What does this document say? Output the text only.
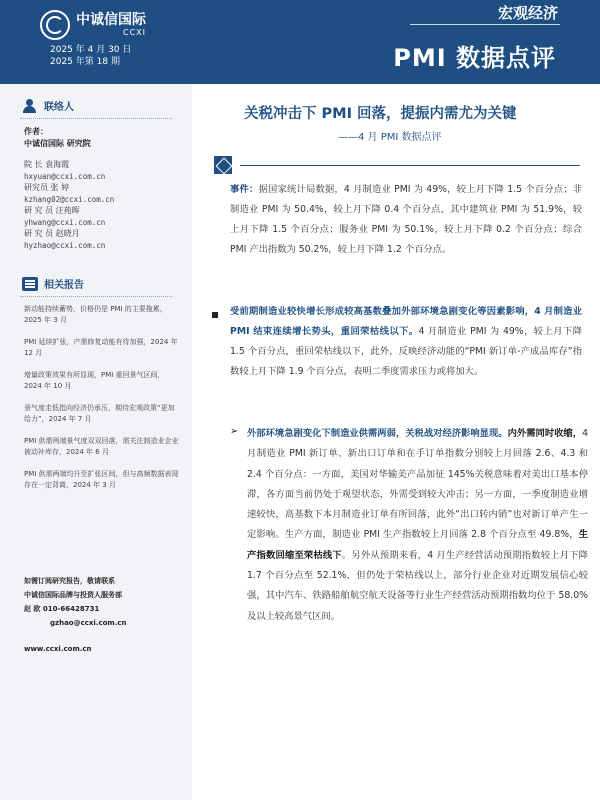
中诚信国际
CCXI
2025 年 4 月 30 日
2025 年第 18 期
宏观经济
PMI 数据点评
联络人
作者：
中诚信国际 研究院
院 长 袁海霞
hxyuan@ccxi.com.cn
研究员 张 婷
kzhang02@ccxi.com.cn
研 究 员 汪苑晖
yhwang@ccxi.com.cn
研 究 员 赵晓月
hyzhao@ccxi.com.cn
相关报告
新动能持续蓄势，价格仍是 PMI 的主要拖累，2025 年 3 月
PMI 延续扩张，产需修复动能有待加强，2024 年 12 月
增量政策效果有所显现，PMI 重回景气区间，2024 年 10 月
景气度走低指向经济仍承压，期待宏观政策“更加给力”，2024 年 7 月
PMI 供需两端景气度双双回落，需关注制造业企业被动补库存，2024 年 6 月
PMI 供需两端均升至扩张区间，但与高频数据表现存在一定背离，2024 年 3 月
如需订阅研究报告，敬请联系
中诚信国际品牌与投资人服务部
赵 欧 010-66428731
gzhao@ccxi.com.cn
www.ccxi.com.cn
关税冲击下 PMI 回落，提振内需尤为关键
——4 月 PMI 数据点评
事件：据国家统计局数据，4 月制造业 PMI 为 49%，较上月下降 1.5 个百分点；非制造业 PMI 为 50.4%，较上月下降 0.4 个百分点，其中建筑业 PMI 为 51.9%，较上月下降 1.5 个百分点；服务业 PMI 为 50.1%，较上月下降 0.2 个百分点；综合 PMI 产出指数为 50.2%，较上月下降 1.2 个百分点。
受前期制造业较快增长形成较高基数叠加外部环境急剧变化等因素影响，4 月制造业 PMI 结束连续增长势头，重回荣枯线以下。4 月制造业 PMI 为 49%，较上月下降 1.5 个百分点，重回荣枯线以下，此外，反映经济动能的“PMI 新订单-产成品库存”指数较上月下降 1.9 个百分点，表明二季度需求压力或将加大。
➢ 外部环境急剧变化下制造业供需两弱，关税战对经济影响显现。内外需同时收缩，4 月制造业 PMI 新订单、新出口订单和在手订单指数分别较上月回落 2.6、4.3 和 2.4 个百分点：一方面，美国对华输美产品加征 145%关税意味着对美出口基本停滞，各方面当前仍处于观望状态，外需受到较大冲击；另一方面，一季度制造业增速较快，高基数下本月制造业订单有所回落，此外“出口转内销”也对新订单产生一定影响。生产方面，制造业 PMI 生产指数较上月回落 2.8 个百分点至 49.8%，生产指数回缩至荣枯线下。另外从预期来看，4 月生产经营活动预期指数较上月下降 1.7 个百分点至 52.1%，但仍处于荣枯线以上，部分行业企业对近期发展信心较强，其中汽车、铁路船舶航空航天设备等行业生产经营活动预期指数均位于 58.0%及以上较高景气区间。
